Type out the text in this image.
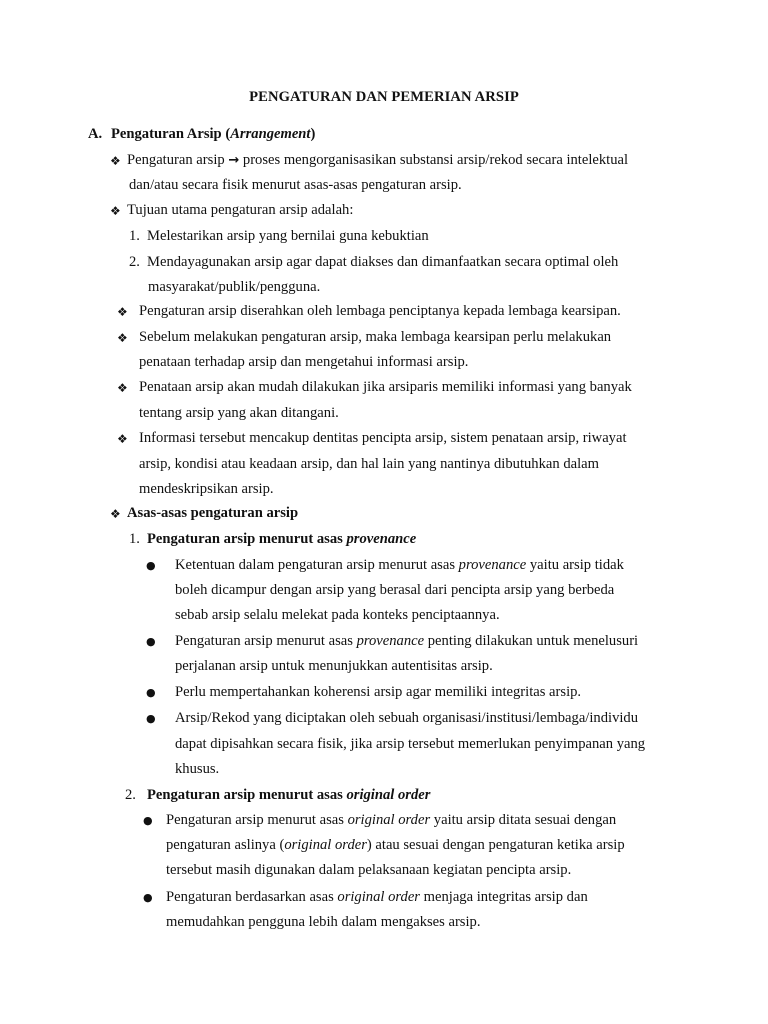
PENGATURAN DAN PEMERIAN ARSIP
A. Pengaturan Arsip (Arrangement)
❖ Pengaturan arsip → proses mengorganisasikan substansi arsip/rekod secara intelektual
dan/atau secara fisik menurut asas-asas pengaturan arsip.
❖ Tujuan utama pengaturan arsip adalah:
1. Melestarikan arsip yang bernilai guna kebuktian
2. Mendayagunakan arsip agar dapat diakses dan dimanfaatkan secara optimal oleh
masyarakat/publik/pengguna.
❖ Pengaturan arsip diserahkan oleh lembaga penciptanya kepada lembaga kearsipan.
❖ Sebelum melakukan pengaturan arsip, maka lembaga kearsipan perlu melakukan
penataan terhadap arsip dan mengetahui informasi arsip.
❖ Penataan arsip akan mudah dilakukan jika arsiparis memiliki informasi yang banyak
tentang arsip yang akan ditangani.
❖ Informasi tersebut mencakup dentitas pencipta arsip, sistem penataan arsip, riwayat
arsip, kondisi atau keadaan arsip, dan hal lain yang nantinya dibutuhkan dalam
mendeskripsikan arsip.
❖ Asas-asas pengaturan arsip
1. Pengaturan arsip menurut asas provenance
● Ketentuan dalam pengaturan arsip menurut asas provenance yaitu arsip tidak
boleh dicampur dengan arsip yang berasal dari pencipta arsip yang berbeda
sebab arsip selalu melekat pada konteks penciptaannya.
● Pengaturan arsip menurut asas provenance penting dilakukan untuk menelusuri
perjalanan arsip untuk menunjukkan autentisitas arsip.
● Perlu mempertahankan koherensi arsip agar memiliki integritas arsip.
● Arsip/Rekod yang diciptakan oleh sebuah organisasi/institusi/lembaga/individu
dapat dipisahkan secara fisik, jika arsip tersebut memerlukan penyimpanan yang
khusus.
2. Pengaturan arsip menurut asas original order
● Pengaturan arsip menurut asas original order yaitu arsip ditata sesuai dengan
pengaturan aslinya (original order) atau sesuai dengan pengaturan ketika arsip
tersebut masih digunakan dalam pelaksanaan kegiatan pencipta arsip.
● Pengaturan berdasarkan asas original order menjaga integritas arsip dan
memudahkan pengguna lebih dalam mengakses arsip.
